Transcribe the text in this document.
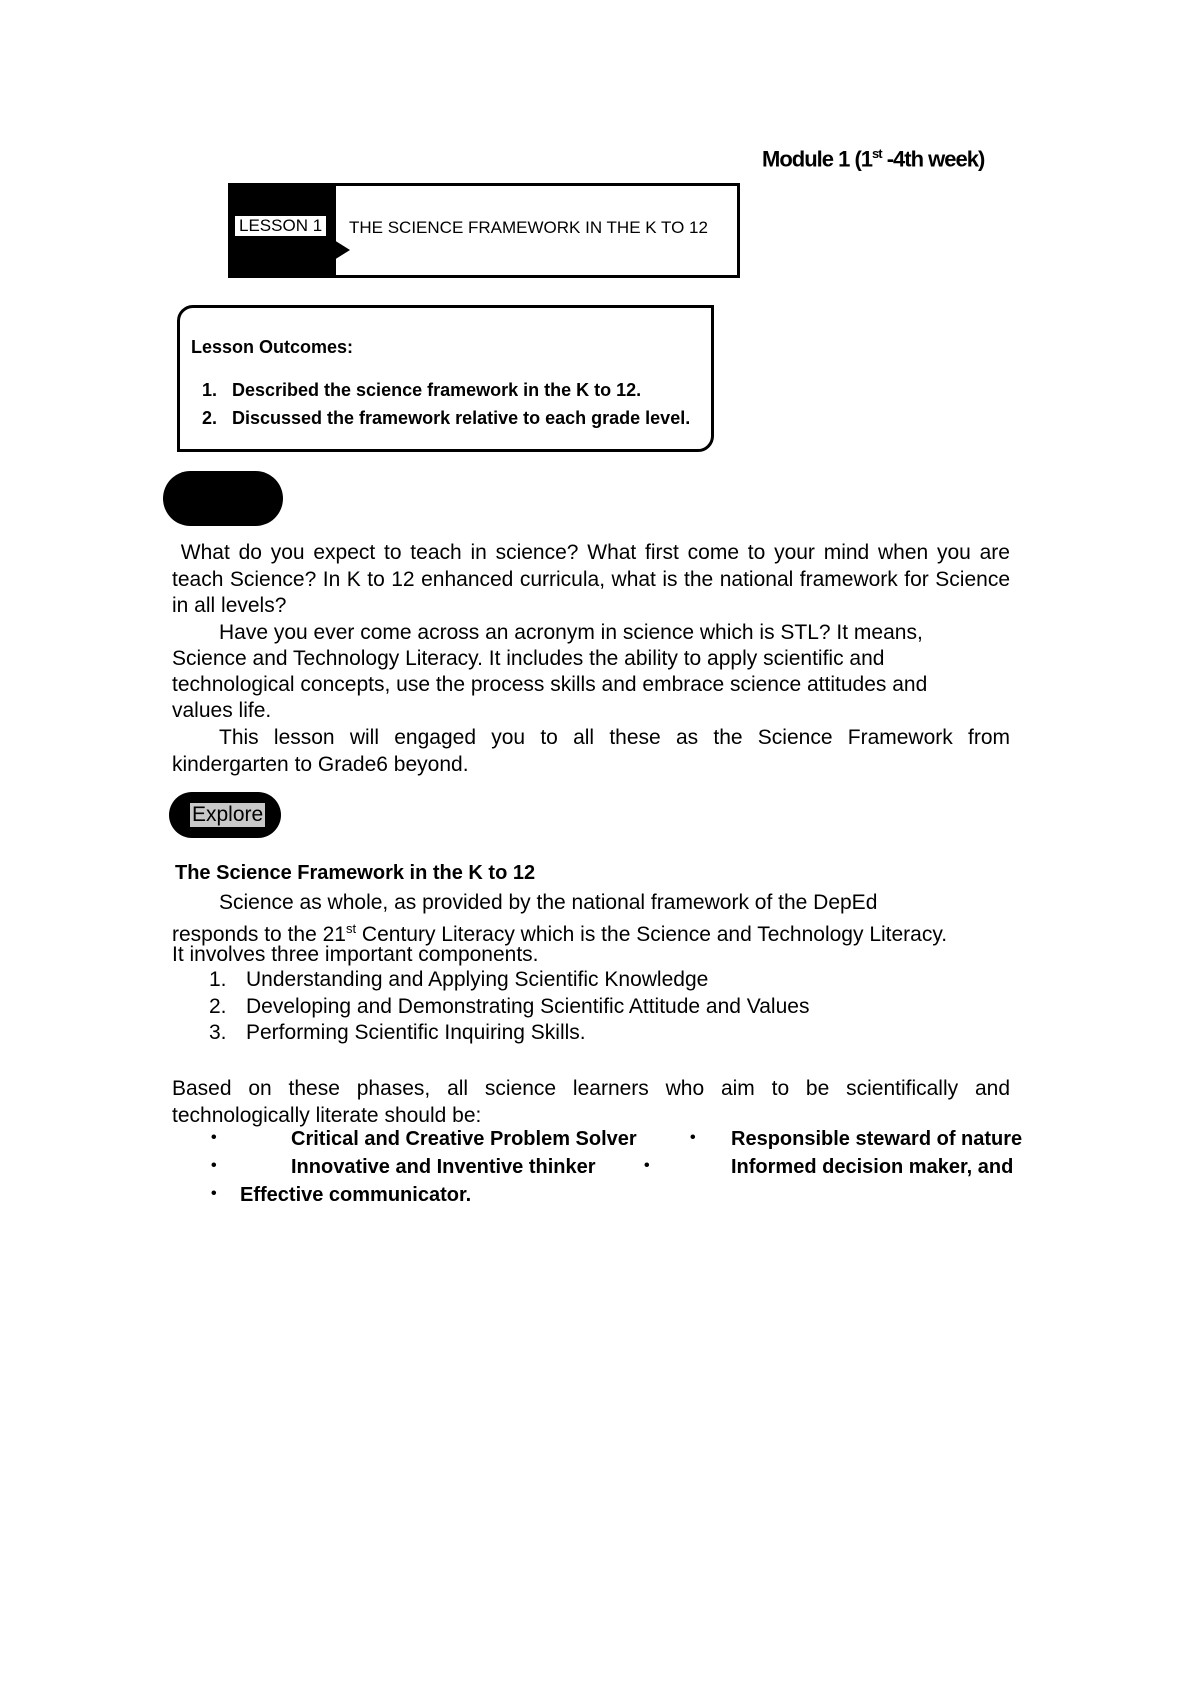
Module 1 (1st -4th week)
LESSON 1 THE SCIENCE FRAMEWORK IN THE K TO 12
Lesson Outcomes:
1. Described the science framework in the K to 12.
2. Discussed the framework relative to each grade level.
What do you expect to teach in science? What first come to your mind when you are teach Science? In K to 12 enhanced curricula, what is the national framework for Science in all levels?
Have you ever come across an acronym in science which is STL? It means,
Science and Technology Literacy. It includes the ability to apply scientific and
technological concepts, use the process skills and embrace science attitudes and
values life.
This lesson will engaged you to all these as the Science Framework from kindergarten to Grade6 beyond.
Explore
The Science Framework in the K to 12
Science as whole, as provided by the national framework of the DepEd
responds to the 21st Century Literacy which is the Science and Technology Literacy.
It involves three important components.
1. Understanding and Applying Scientific Knowledge
2. Developing and Demonstrating Scientific Attitude and Values
3. Performing Scientific Inquiring Skills.
Based on these phases, all science learners who aim to be scientifically and technologically literate should be:
•	Critical and Creative Problem Solver	• Responsible steward of nature
•	Innovative and Inventive thinker	•	Informed decision maker, and
• Effective communicator.
